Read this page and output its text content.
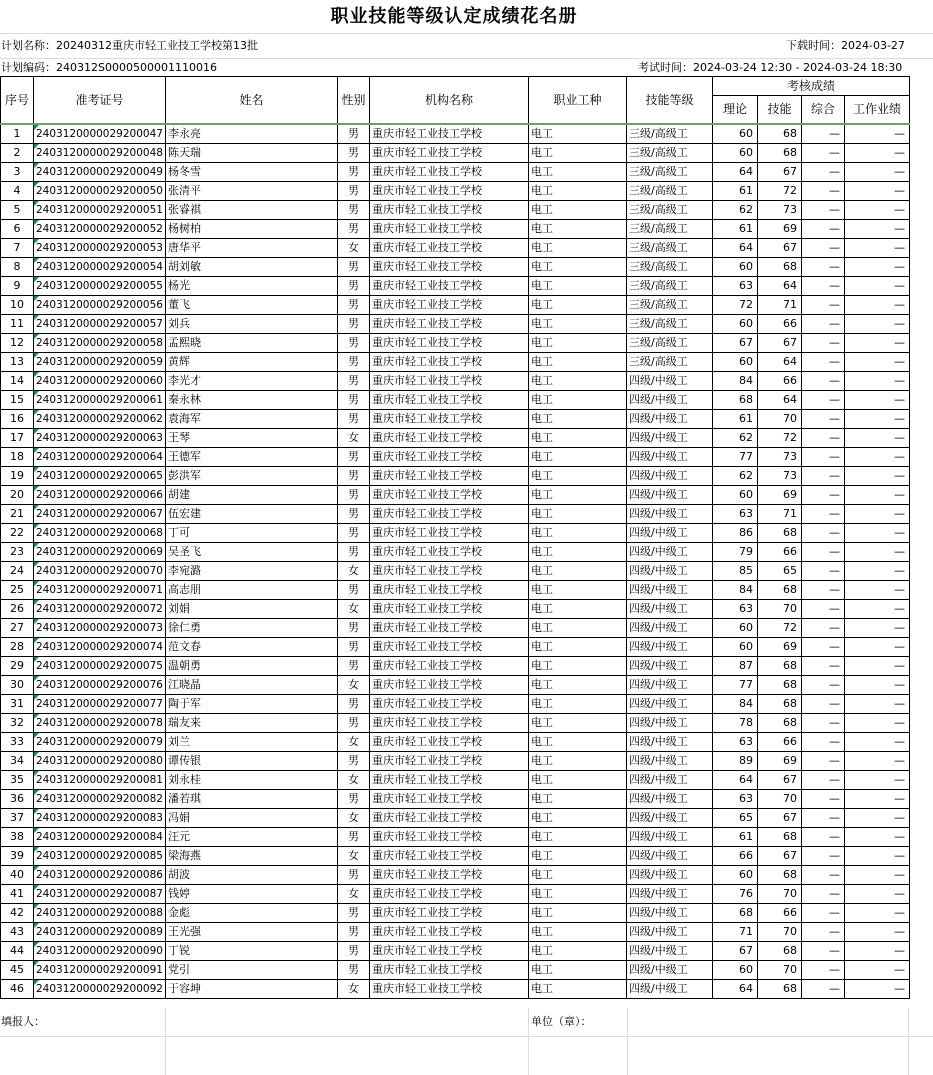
职业技能等级认定成绩花名册
计划名称：20240312重庆市轻工业技工学校第13批	下载时间：2024-03-27
计划编码：240312S0000500001110016	考试时间：2024-03-24 12:30 - 2024-03-24 18:30
序号	准考证号	姓名	性别	机构名称	职业工种	技能等级	考核成绩			
							理论	技能	综合	工作业绩
1	2403120000029200047	李永亮	男	重庆市轻工业技工学校	电工	三级/高级工	60	68	—	—
2	2403120000029200048	陈天瑞	男	重庆市轻工业技工学校	电工	三级/高级工	60	68	—	—
3	2403120000029200049	杨冬雪	男	重庆市轻工业技工学校	电工	三级/高级工	64	67	—	—
4	2403120000029200050	张清平	男	重庆市轻工业技工学校	电工	三级/高级工	61	72	—	—
5	2403120000029200051	张睿祺	男	重庆市轻工业技工学校	电工	三级/高级工	62	73	—	—
6	2403120000029200052	杨树柏	男	重庆市轻工业技工学校	电工	三级/高级工	61	69	—	—
7	2403120000029200053	唐华平	女	重庆市轻工业技工学校	电工	三级/高级工	64	67	—	—
8	2403120000029200054	胡刘敏	男	重庆市轻工业技工学校	电工	三级/高级工	60	68	—	—
9	2403120000029200055	杨光	男	重庆市轻工业技工学校	电工	三级/高级工	63	64	—	—
10	2403120000029200056	董飞	男	重庆市轻工业技工学校	电工	三级/高级工	72	71	—	—
11	2403120000029200057	刘兵	男	重庆市轻工业技工学校	电工	三级/高级工	60	66	—	—
12	2403120000029200058	孟熙晓	男	重庆市轻工业技工学校	电工	三级/高级工	67	67	—	—
13	2403120000029200059	黄辉	男	重庆市轻工业技工学校	电工	三级/高级工	60	64	—	—
14	2403120000029200060	李光才	男	重庆市轻工业技工学校	电工	四级/中级工	84	66	—	—
15	2403120000029200061	秦永林	男	重庆市轻工业技工学校	电工	四级/中级工	68	64	—	—
16	2403120000029200062	袁海军	男	重庆市轻工业技工学校	电工	四级/中级工	61	70	—	—
17	2403120000029200063	王琴	女	重庆市轻工业技工学校	电工	四级/中级工	62	72	—	—
18	2403120000029200064	王德军	男	重庆市轻工业技工学校	电工	四级/中级工	77	73	—	—
19	2403120000029200065	彭洪军	男	重庆市轻工业技工学校	电工	四级/中级工	62	73	—	—
20	2403120000029200066	胡建	男	重庆市轻工业技工学校	电工	四级/中级工	60	69	—	—
21	2403120000029200067	伍宏建	男	重庆市轻工业技工学校	电工	四级/中级工	63	71	—	—
22	2403120000029200068	丁可	男	重庆市轻工业技工学校	电工	四级/中级工	86	68	—	—
23	2403120000029200069	吴圣飞	男	重庆市轻工业技工学校	电工	四级/中级工	79	66	—	—
24	2403120000029200070	李宛潞	女	重庆市轻工业技工学校	电工	四级/中级工	85	65	—	—
25	2403120000029200071	高志朋	男	重庆市轻工业技工学校	电工	四级/中级工	84	68	—	—
26	2403120000029200072	刘娟	女	重庆市轻工业技工学校	电工	四级/中级工	63	70	—	—
27	2403120000029200073	徐仁勇	男	重庆市轻工业技工学校	电工	四级/中级工	60	72	—	—
28	2403120000029200074	范文春	男	重庆市轻工业技工学校	电工	四级/中级工	60	69	—	—
29	2403120000029200075	温朝勇	男	重庆市轻工业技工学校	电工	四级/中级工	87	68	—	—
30	2403120000029200076	江晓晶	女	重庆市轻工业技工学校	电工	四级/中级工	77	68	—	—
31	2403120000029200077	陶于军	男	重庆市轻工业技工学校	电工	四级/中级工	84	68	—	—
32	2403120000029200078	瑞友来	男	重庆市轻工业技工学校	电工	四级/中级工	78	68	—	—
33	2403120000029200079	刘兰	女	重庆市轻工业技工学校	电工	四级/中级工	63	66	—	—
34	2403120000029200080	谭传银	男	重庆市轻工业技工学校	电工	四级/中级工	89	69	—	—
35	2403120000029200081	刘永桂	女	重庆市轻工业技工学校	电工	四级/中级工	64	67	—	—
36	2403120000029200082	潘若琪	男	重庆市轻工业技工学校	电工	四级/中级工	63	70	—	—
37	2403120000029200083	冯娟	女	重庆市轻工业技工学校	电工	四级/中级工	65	67	—	—
38	2403120000029200084	汪元	男	重庆市轻工业技工学校	电工	四级/中级工	61	68	—	—
39	2403120000029200085	梁海燕	女	重庆市轻工业技工学校	电工	四级/中级工	66	67	—	—
40	2403120000029200086	胡波	男	重庆市轻工业技工学校	电工	四级/中级工	60	68	—	—
41	2403120000029200087	钱婷	女	重庆市轻工业技工学校	电工	四级/中级工	76	70	—	—
42	2403120000029200088	金彪	男	重庆市轻工业技工学校	电工	四级/中级工	68	66	—	—
43	2403120000029200089	王光强	男	重庆市轻工业技工学校	电工	四级/中级工	71	70	—	—
44	2403120000029200090	丁锐	男	重庆市轻工业技工学校	电工	四级/中级工	67	68	—	—
45	2403120000029200091	党引	男	重庆市轻工业技工学校	电工	四级/中级工	60	70	—	—
46	2403120000029200092	于容坤	女	重庆市轻工业技工学校	电工	四级/中级工	64	68	—	—
填报人：	单位（章）：
